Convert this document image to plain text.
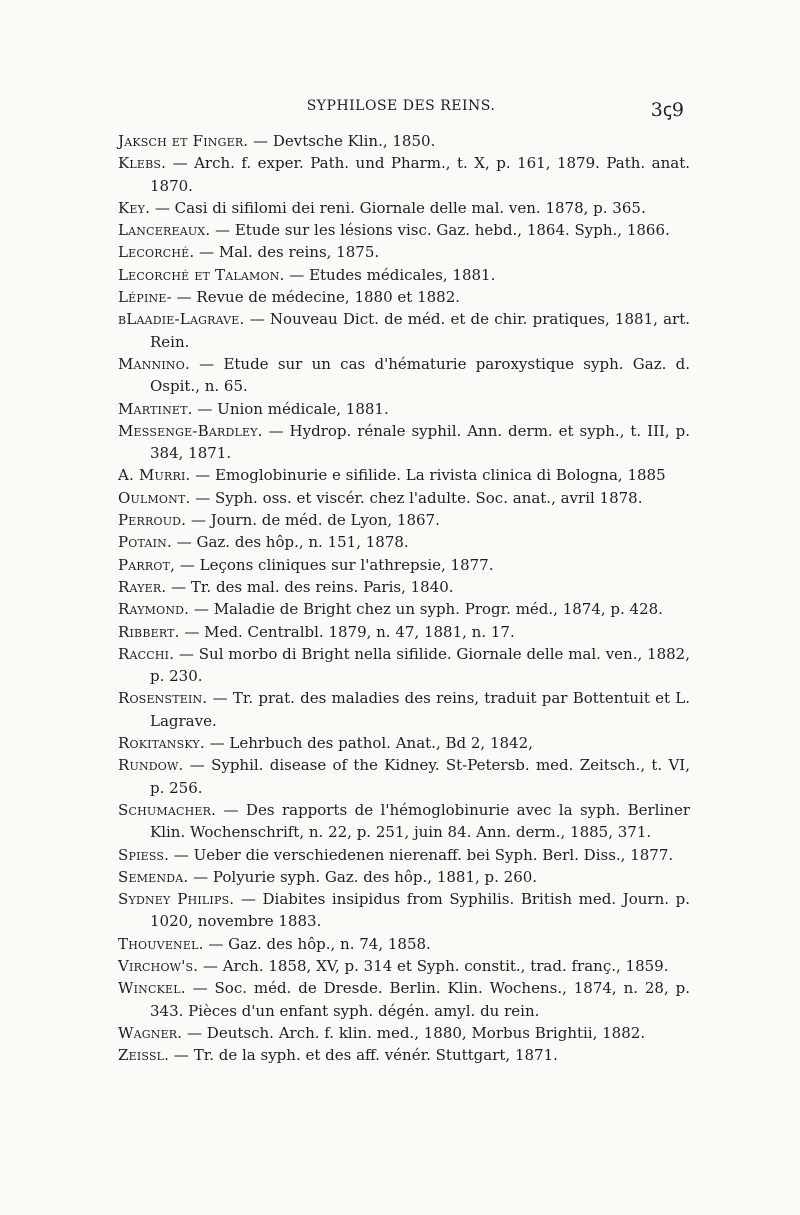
SYPHILOSE DES REINS.	3ꞔ9
Jaksch et Finger. — Devtsche Klin., 1850.
Klebs. — Arch. f. exper. Path. und Pharm., t. X, p. 161, 1879. Path. anat. 1870.
Key. — Casi di sifilomi dei reni. Giornale delle mal. ven. 1878, p. 365.
Lancereaux. — Etude sur les lésions visc. Gaz. hebd., 1864. Syph., 1866.
Lecorché. — Mal. des reins, 1875.
Lecorché et Talamon. — Etudes médicales, 1881.
Lépine- — Revue de médecine, 1880 et 1882.
bLaadie-Lagrave. — Nouveau Dict. de méd. et de chir. pratiques, 1881, art. Rein.
Mannino. — Etude sur un cas d'hématurie paroxystique syph. Gaz. d. Ospit., n. 65.
Martinet. — Union médicale, 1881.
Messenge-Bardley. — Hydrop. rénale syphil. Ann. derm. et syph., t. III, p. 384, 1871.
A. Murri. — Emoglobinurie e sifilide. La rivista clinica di Bologna, 1885
Oulmont. — Syph. oss. et viscér. chez l'adulte. Soc. anat., avril 1878.
Perroud. — Journ. de méd. de Lyon, 1867.
Potain. — Gaz. des hôp., n. 151, 1878.
Parrot, — Leçons cliniques sur l'athrepsie, 1877.
Rayer. — Tr. des mal. des reins. Paris, 1840.
Raymond. — Maladie de Bright chez un syph. Progr. méd., 1874, p. 428.
Ribbert. — Med. Centralbl. 1879, n. 47, 1881, n. 17.
Racchi. — Sul morbo di Bright nella sifilide. Giornale delle mal. ven., 1882, p. 230.
Rosenstein. — Tr. prat. des maladies des reins, traduit par Bottentuit et L. Lagrave.
Rokitansky. — Lehrbuch des pathol. Anat., Bd 2, 1842,
Rundow. — Syphil. disease of the Kidney. St-Petersb. med. Zeitsch., t. VI, p. 256.
Schumacher. — Des rapports de l'hémoglobinurie avec la syph. Berliner Klin. Wochenschrift, n. 22, p. 251, juin 84. Ann. derm., 1885, 371.
Spiess. — Ueber die verschiedenen nierenaff. bei Syph. Berl. Diss., 1877.
Semenda. — Polyurie syph. Gaz. des hôp., 1881, p. 260.
Sydney Philips. — Diabites insipidus from Syphilis. British med. Journ. p. 1020, novembre 1883.
Thouvenel. — Gaz. des hôp., n. 74, 1858.
Virchow's. — Arch. 1858, XV, p. 314 et Syph. constit., trad. franç., 1859.
Winckel. — Soc. méd. de Dresde. Berlin. Klin. Wochens., 1874, n. 28, p. 343. Pièces d'un enfant syph. dégén. amyl. du rein.
Wagner. — Deutsch. Arch. f. klin. med., 1880, Morbus Brightii, 1882.
Zeissl. — Tr. de la syph. et des aff. vénér. Stuttgart, 1871.
